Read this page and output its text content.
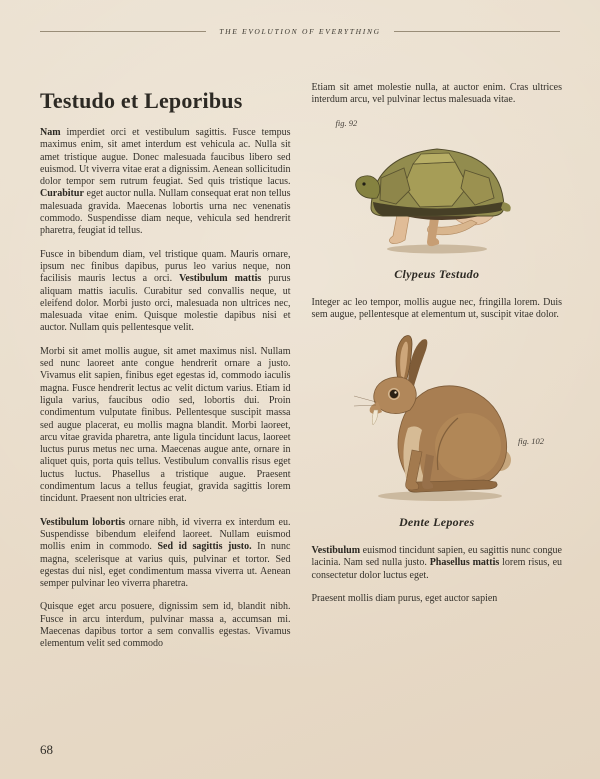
THE EVOLUTION OF EVERYTHING
Testudo et Leporibus

Nam imperdiet orci et vestibulum sagittis. Fusce tempus maximus enim, sit amet interdum est vehicula ac. Nulla sit amet tristique augue. Donec malesuada faucibus libero sed euismod. Ut viverra vitae erat a dignissim. Aenean sollicitudin dolor tempor sem rutrum feugiat. Sed quis tristique lacus. Curabitur eget auctor nulla. Nullam consequat erat non tellus malesuada gravida. Maecenas lobortis urna nec venenatis commodo. Suspendisse diam neque, vehicula sed hendrerit pharetra, feugiat id tellus.

Fusce in bibendum diam, vel tristique quam. Mauris ornare, ipsum nec finibus dapibus, purus leo varius neque, non facilisis mauris lectus a orci. Vestibulum mattis purus aliquam mattis iaculis. Curabitur sed convallis neque, ut eleifend dolor. Morbi justo orci, malesuada non ultrices nec, malesuada vitae enim. Quisque molestie dapibus nisi et auctor. Nullam quis pellentesque velit.

Morbi sit amet mollis augue, sit amet maximus nisl. Nullam sed nunc laoreet ante congue hendrerit ornare a justo. Vivamus elit sapien, finibus eget egestas id, commodo iaculis magna. Fusce hendrerit lectus ac velit dictum varius. Etiam id ligula varius, faucibus odio sed, lobortis dui. Proin condimentum vulputate finibus. Pellentesque suscipit massa sed augue placerat, eu mollis magna blandit. Morbi laoreet, arcu vitae gravida pharetra, ante ligula tincidunt lacus, laoreet luctus purus metus nec urna. Maecenas augue ante, ornare in aliquet quis, porta quis tellus. Vestibulum convallis risus eget luctus luctus. Phasellus a tristique augue. Praesent condimentum lacus a tellus feugiat, gravida sagittis lorem tincidunt. Praesent non ultricies erat.

Vestibulum lobortis ornare nibh, id viverra ex interdum eu. Suspendisse bibendum eleifend laoreet. Nullam euismod mollis enim in commodo. Sed id sagittis justo. In nunc magna, scelerisque at varius quis, pulvinar et tortor. Sed egestas dui nisl, eget condimentum massa viverra ut. Aenean semper pulvinar leo viverra pharetra.

Quisque eget arcu posuere, dignissim sem id, blandit nibh. Fusce in arcu interdum, pulvinar massa a, accumsan mi. Maecenas dapibus tortor a sem convallis egestas. Vivamus elementum velit sed commodo

Etiam sit amet molestie nulla, at auctor enim. Cras ultrices interdum arcu, vel pulvinar lectus malesuada vitae.

fig. 92
Clypeus Testudo

Integer ac leo tempor, mollis augue nec, fringilla lorem. Duis sem augue, pellentesque at elementum ut, suscipit vitae dolor.

fig. 102
Dente Lepores

Vestibulum euismod tincidunt sapien, eu sagittis nunc congue lacinia. Nam sed nulla justo. Phasellus mattis lorem risus, eu consectetur dolor luctus eget.

Praesent mollis diam purus, eget auctor sapien

68
